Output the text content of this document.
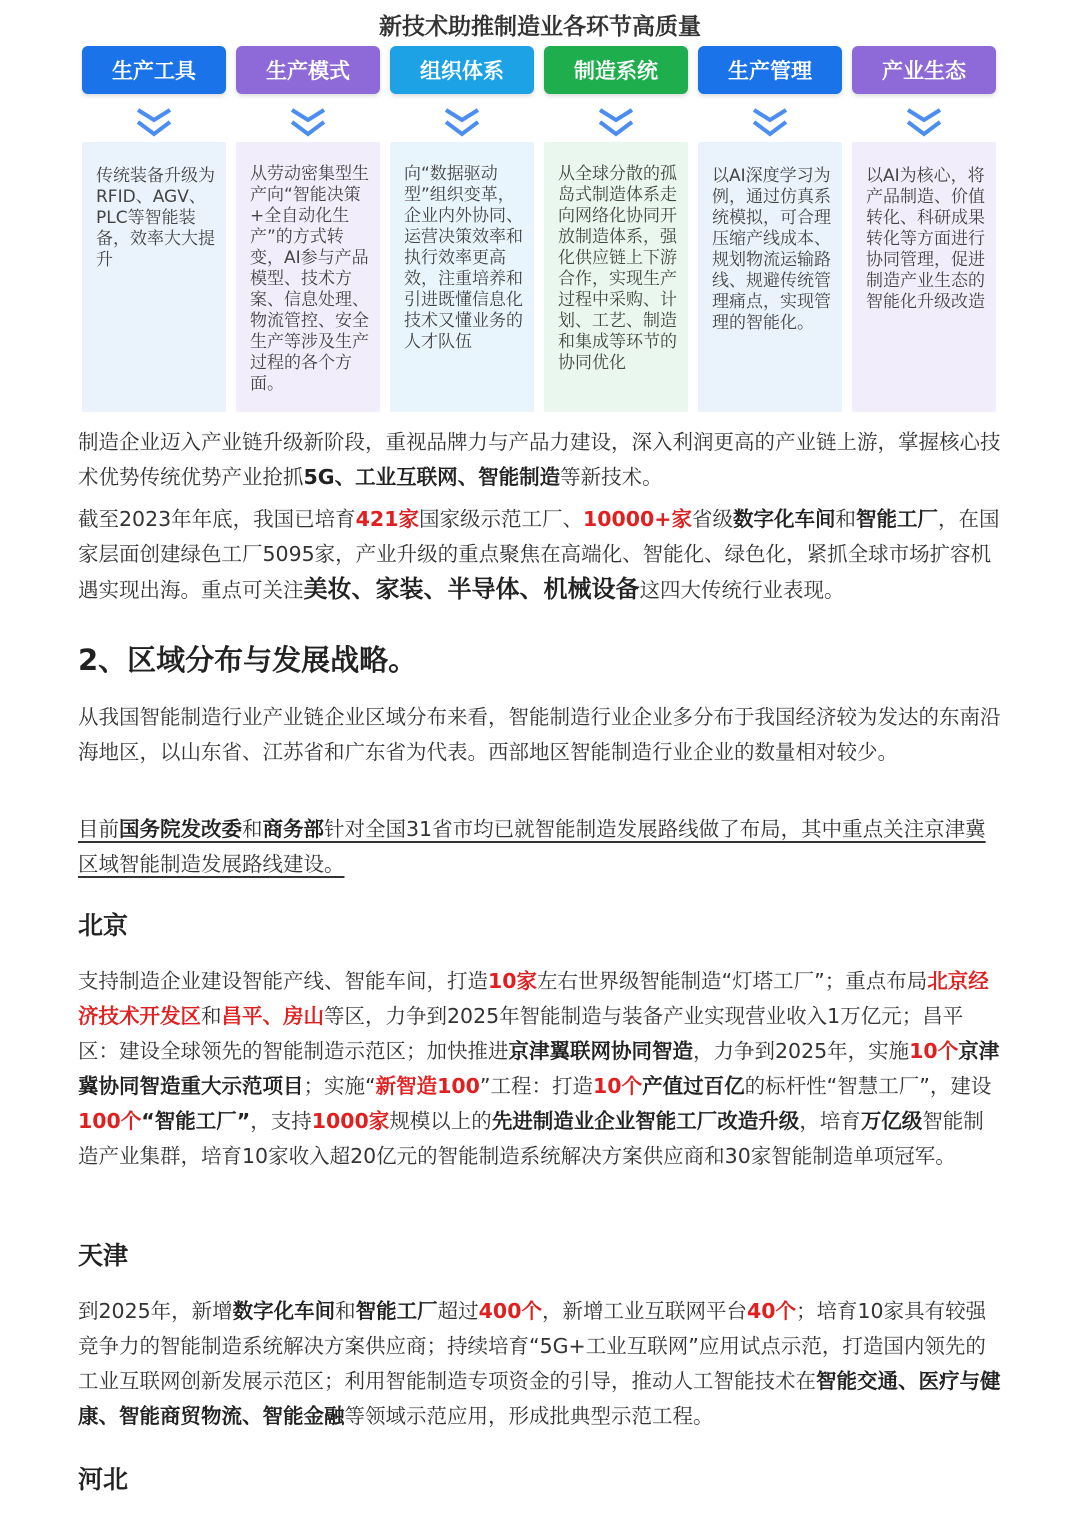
新技术助推制造业各环节高质量
生产工具	生产模式	组织体系	制造系统	生产管理	产业生态
传统装备升级为RFID、AGV、PLC等智能装备，效率大大提升
从劳动密集型生产向“智能决策+全自动化生产”的方式转变，AI参与产品模型、技术方案、信息处理、物流管控、安全生产等涉及生产过程的各个方面。
向“数据驱动型”组织变革，企业内外协同、运营决策效率和执行效率更高效，注重培养和引进既懂信息化技术又懂业务的人才队伍
从全球分散的孤岛式制造体系走向网络化协同开放制造体系，强化供应链上下游合作，实现生产过程中采购、计划、工艺、制造和集成等环节的协同优化
以AI深度学习为例，通过仿真系统模拟，可合理压缩产线成本、规划物流运输路线、规避传统管理痛点，实现管理的智能化。
以AI为核心，将产品制造、价值转化、科研成果转化等方面进行协同管理，促进制造产业生态的智能化升级改造

制造企业迈入产业链升级新阶段，重视品牌力与产品力建设，深入利润更高的产业链上游，掌握核心技术优势传统优势产业抢抓5G、工业互联网、智能制造等新技术。

截至2023年年底，我国已培育421家国家级示范工厂、10000+家省级数字化车间和智能工厂，在国家层面创建绿色工厂5095家，产业升级的重点聚焦在高端化、智能化、绿色化，紧抓全球市场扩容机遇实现出海。重点可关注美妆、家装、半导体、机械设备这四大传统行业表现。

2、区域分布与发展战略。

从我国智能制造行业产业链企业区域分布来看，智能制造行业企业多分布于我国经济较为发达的东南沿海地区，以山东省、江苏省和广东省为代表。西部地区智能制造行业企业的数量相对较少。

目前国务院发改委和商务部针对全国31省市均已就智能制造发展路线做了布局，其中重点关注京津冀区域智能制造发展路线建设。

北京

支持制造企业建设智能产线、智能车间，打造10家左右世界级智能制造“灯塔工厂”；重点布局北京经济技术开发区和昌平、房山等区，力争到2025年智能制造与装备产业实现营业收入1万亿元；昌平区：建设全球领先的智能制造示范区；加快推进京津翼联网协同智造，力争到2025年，实施10个京津冀协同智造重大示范项目；实施“新智造100”工程：打造10个产值过百亿的标杆性“智慧工厂”，建设100个“智能工厂”，支持1000家规模以上的先进制造业企业智能工厂改造升级，培育万亿级智能制造产业集群，培育10家收入超20亿元的智能制造系统解决方案供应商和30家智能制造单项冠军。

天津

到2025年，新增数字化车间和智能工厂超过400个，新增工业互联网平台40个；培育10家具有较强竞争力的智能制造系统解决方案供应商；持续培育“5G+工业互联网”应用试点示范，打造国内领先的工业互联网创新发展示范区；利用智能制造专项资金的引导，推动人工智能技术在智能交通、医疗与健康、智能商贸物流、智能金融等领域示范应用，形成批典型示范工程。

河北
